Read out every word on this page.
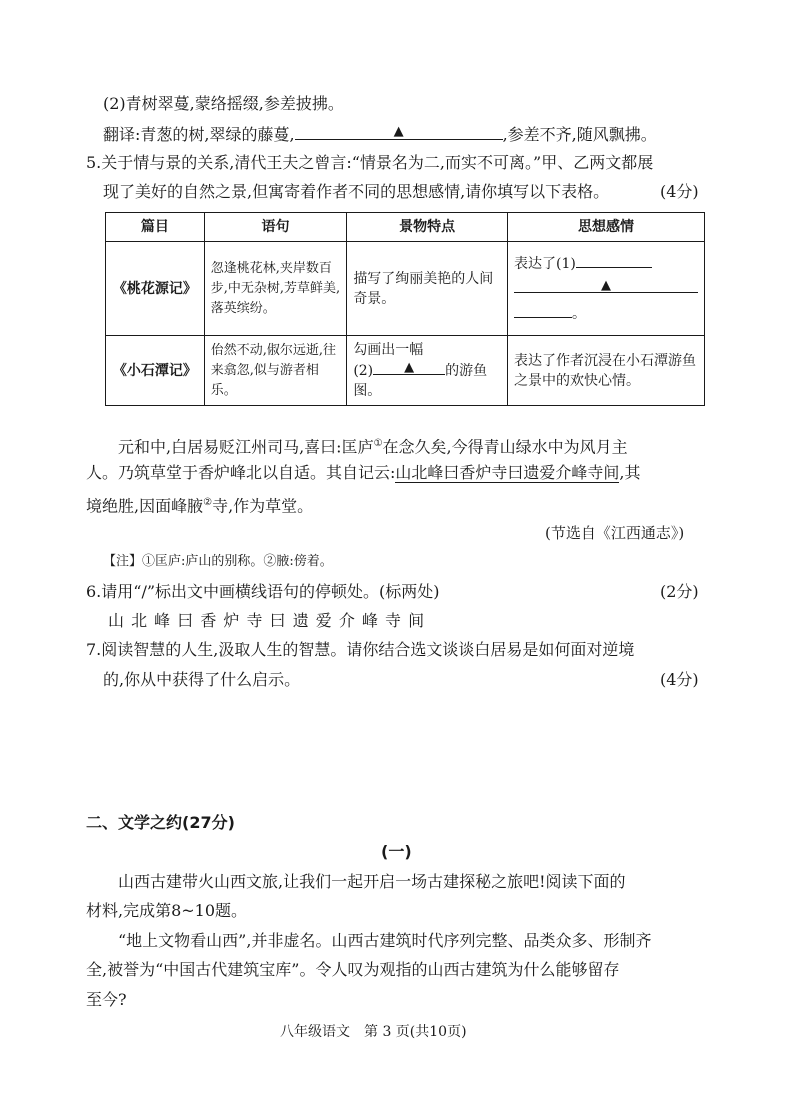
(2)青树翠蔓,蒙络摇缀,参差披拂。
翻译:青葱的树,翠绿的藤蔓,	▲	,参差不齐,随风飘拂。
5.关于情与景的关系,清代王夫之曾言:“情景名为二,而实不可离。”甲、乙两文都展
现了美好的自然之景,但寓寄着作者不同的思想感情,请你填写以下表格。	(4分)
篇目	语句	景物特点	思想感情
《桃花源记》	忽逢桃花林,夹岸数百步,中无杂树,芳草鲜美,落英缤纷。	描写了绚丽美艳的人间奇景。	表达了(1)
▲
。

《小石潭记》	佁然不动,俶尔远逝,往来翕忽,似与游者相乐。	勾画出一幅
(2) ▲ 的游鱼图。	表达了作者沉浸在小石潭游鱼之景中的欢快心情。
元和中,白居易贬江州司马,喜曰:匡庐①在念久矣,今得青山绿水中为风月主
人。乃筑草堂于香炉峰北以自适。其自记云:山北峰曰香炉寺曰遗爱介峰寺间,其
境绝胜,因面峰腋②寺,作为草堂。
(节选自《江西通志》)
【注】①匡庐:庐山的别称。②腋:傍着。
6.请用“/”标出文中画横线语句的停顿处。(标两处)	(2分)
山 北 峰 曰 香 炉 寺 曰 遗 爱 介 峰 寺 间
7.阅读智慧的人生,汲取人生的智慧。请你结合选文谈谈白居易是如何面对逆境
的,你从中获得了什么启示。	(4分)
二、文学之约(27分)
(一)
山西古建带火山西文旅,让我们一起开启一场古建探秘之旅吧!阅读下面的
材料,完成第8~10题。
“地上文物看山西”,并非虚名。山西古建筑时代序列完整、品类众多、形制齐
全,被誉为“中国古代建筑宝库”。令人叹为观指的山西古建筑为什么能够留存
至今?
八年级语文　第 3 页(共10页)
